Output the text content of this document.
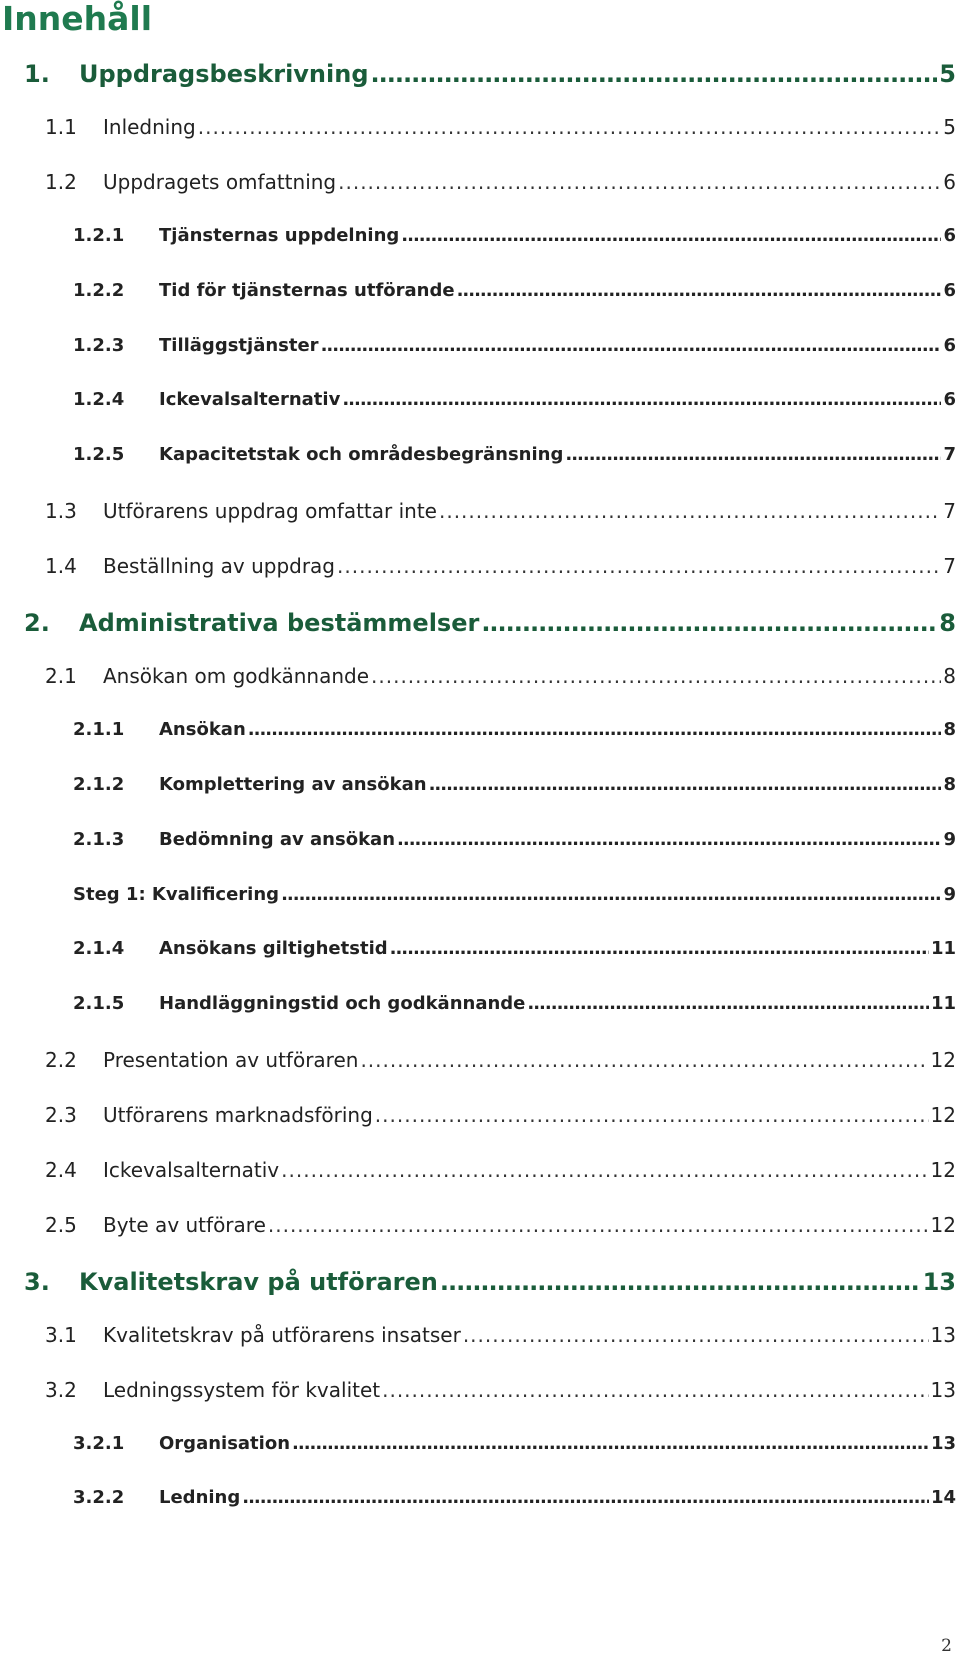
Innehåll
1.	Uppdragsbeskrivning .....	5
1.1	Inledning .....	5
1.2	Uppdragets omfattning .....	6
1.2.1	Tjänsternas uppdelning .....	6
1.2.2	Tid för tjänsternas utförande .....	6
1.2.3	Tilläggstjänster .....	6
1.2.4	Ickevalsalternativ .....	6
1.2.5	Kapacitetstak och områdesbegränsning .....	7
1.3	Utförarens uppdrag omfattar inte .....	7
1.4	Beställning av uppdrag .....	7
2.	Administrativa bestämmelser .....	8
2.1	Ansökan om godkännande .....	8
2.1.1	Ansökan .....	8
2.1.2	Komplettering av ansökan .....	8
2.1.3	Bedömning av ansökan .....	9
Steg 1: Kvalificering .....	9
2.1.4	Ansökans giltighetstid .....	11
2.1.5	Handläggningstid och godkännande .....	11
2.2	Presentation av utföraren .....	12
2.3	Utförarens marknadsföring .....	12
2.4	Ickevalsalternativ .....	12
2.5	Byte av utförare .....	12
3.	Kvalitetskrav på utföraren .....	13
3.1	Kvalitetskrav på utförarens insatser .....	13
3.2	Ledningssystem för kvalitet .....	13
3.2.1	Organisation .....	13
3.2.2	Ledning .....	14
2
